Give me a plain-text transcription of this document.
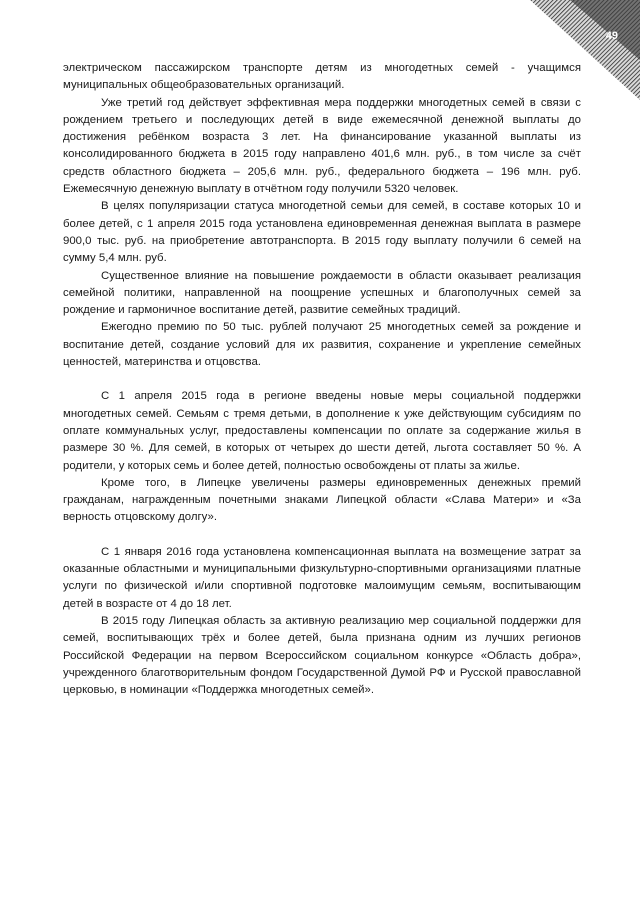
49

электрическом пассажирском транспорте детям из многодетных семей - учащимся муниципальных общеобразовательных организаций.

Уже третий год действует эффективная мера поддержки многодетных семей в связи с рождением третьего и последующих детей в виде ежемесячной денежной выплаты до достижения ребёнком возраста 3 лет. На финансирование указанной выплаты из консолидированного бюджета в 2015 году направлено 401,6 млн. руб., в том числе за счёт средств областного бюджета – 205,6 млн. руб., федерального бюджета – 196 млн. руб. Ежемесячную денежную выплату в отчётном году получили 5320 человек.

В целях популяризации статуса многодетной семьи для семей, в составе которых 10 и более детей, с 1 апреля 2015 года установлена единовременная денежная выплата в размере 900,0 тыс. руб. на приобретение автотранспорта. В 2015 году выплату получили 6 семей на сумму 5,4 млн. руб.

Существенное влияние на повышение рождаемости в области оказывает реализация семейной политики, направленной на поощрение успешных и благополучных семей за рождение и гармоничное воспитание детей, развитие семейных традиций.

Ежегодно премию по 50 тыс. рублей получают 25 многодетных семей за рождение и воспитание детей, создание условий для их развития, сохранение и укрепление семейных ценностей, материнства и отцовства.

С 1 апреля 2015 года в регионе введены новые меры социальной поддержки многодетных семей. Семьям с тремя детьми, в дополнение к уже действующим субсидиям по оплате коммунальных услуг, предоставлены компенсации по оплате за содержание жилья в размере 30 %. Для семей, в которых от четырех до шести детей, льгота составляет 50 %. А родители, у которых семь и более детей, полностью освобождены от платы за жилье.

Кроме того, в Липецке увеличены размеры единовременных денежных премий гражданам, награжденным почетными знаками Липецкой области «Слава Матери» и «За верность отцовскому долгу».

С 1 января 2016 года установлена компенсационная выплата на возмещение затрат за оказанные областными и муниципальными физкультурно-спортивными организациями платные услуги по физической и/или спортивной подготовке малоимущим семьям, воспитывающим детей в возрасте от 4 до 18 лет.

В 2015 году Липецкая область за активную реализацию мер социальной поддержки для семей, воспитывающих трёх и более детей, была признана одним из лучших регионов Российской Федерации на первом Всероссийском социальном конкурсе «Область добра», учрежденного благотворительным фондом Государственной Думой РФ и Русской православной церковью, в номинации «Поддержка многодетных семей».
